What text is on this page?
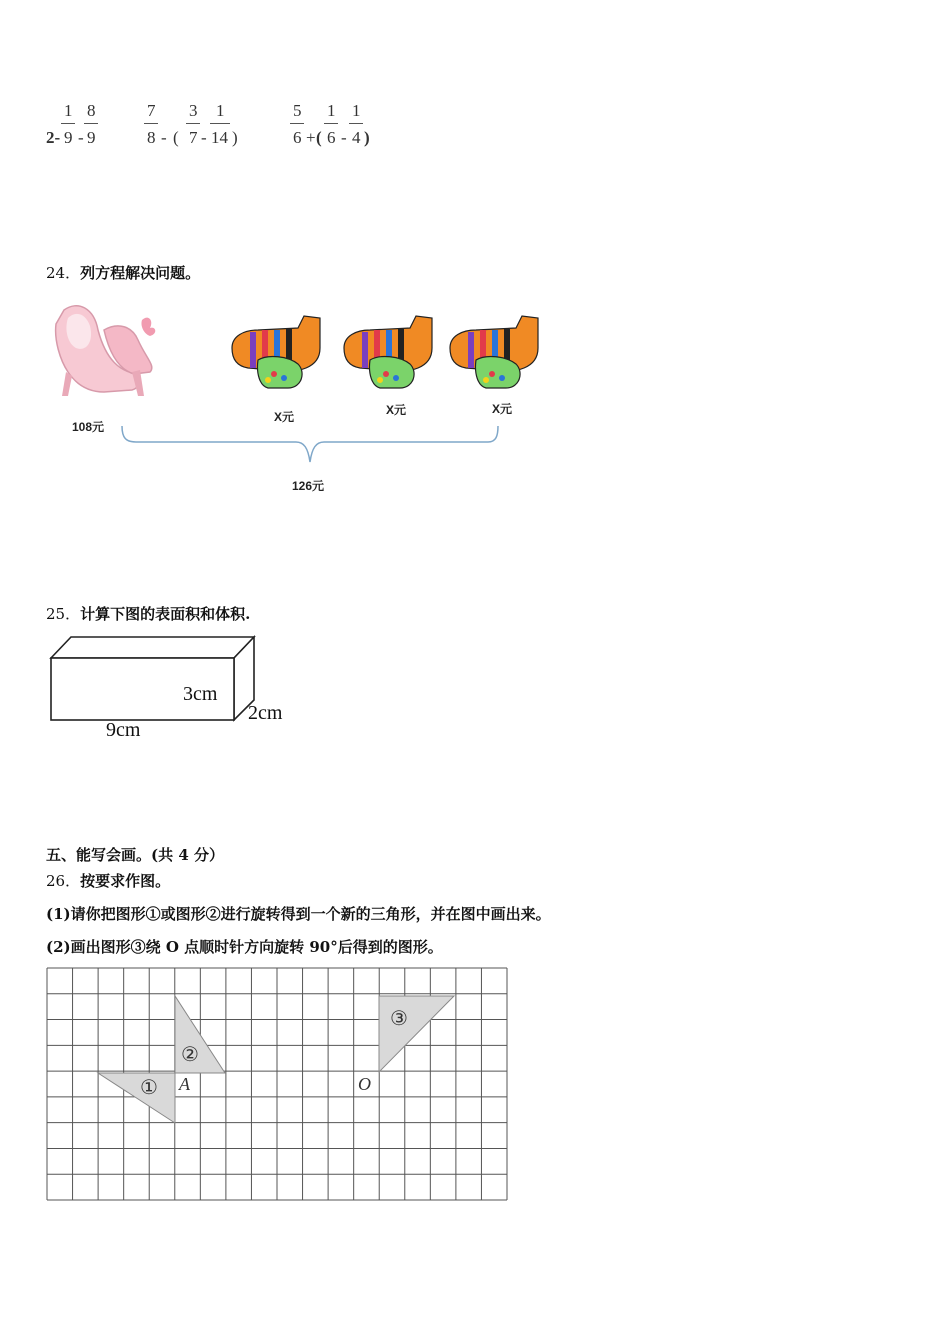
2-
1
9 -
8
9
7
8 - (
3
7 -
1
14 )
5
6 + (
1
6 -
1
4 )
24．列方程解决问题。
108元
X元	X元	X元
126元
25．计算下图的表面积和体积.
3cm
2cm
9cm
五、能写会画。(共 4 分）
26．按要求作图。
(1)请你把图形①或图形②进行旋转得到一个新的三角形，并在图中画出来。
(2)画出图形③绕 O 点顺时针方向旋转 90°后得到的图形。
①
②
③
A	O
